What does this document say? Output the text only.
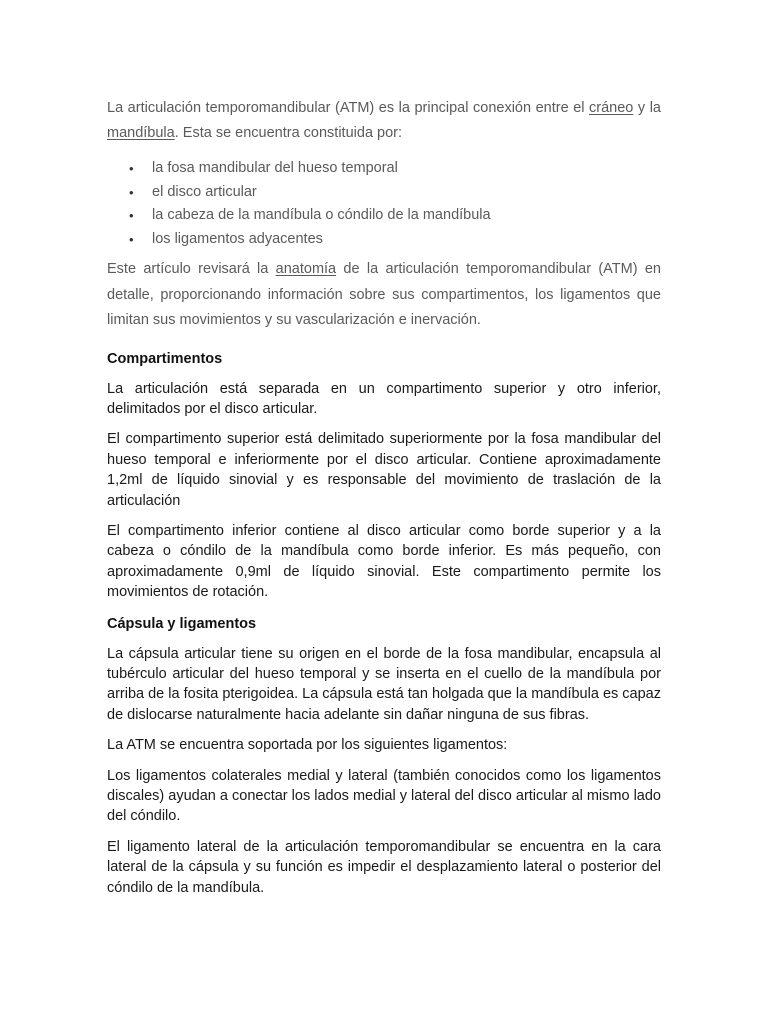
La articulación temporomandibular (ATM) es la principal conexión entre el cráneo y la mandíbula. Esta se encuentra constituida por:

• la fosa mandibular del hueso temporal
• el disco articular
• la cabeza de la mandíbula o cóndilo de la mandíbula
• los ligamentos adyacentes

Este artículo revisará la anatomía de la articulación temporomandibular (ATM) en detalle, proporcionando información sobre sus compartimentos, los ligamentos que limitan sus movimientos y su vascularización e inervación.

Compartimentos

La articulación está separada en un compartimento superior y otro inferior, delimitados por el disco articular.

El compartimento superior está delimitado superiormente por la fosa mandibular del hueso temporal e inferiormente por el disco articular. Contiene aproximadamente 1,2ml de líquido sinovial y es responsable del movimiento de traslación de la articulación

El compartimento inferior contiene al disco articular como borde superior y a la cabeza o cóndilo de la mandíbula como borde inferior. Es más pequeño, con aproximadamente 0,9ml de líquido sinovial. Este compartimento permite los movimientos de rotación.

Cápsula y ligamentos

La cápsula articular tiene su origen en el borde de la fosa mandibular, encapsula al tubérculo articular del hueso temporal y se inserta en el cuello de la mandíbula por arriba de la fosita pterigoidea. La cápsula está tan holgada que la mandíbula es capaz de dislocarse naturalmente hacia adelante sin dañar ninguna de sus fibras.

La ATM se encuentra soportada por los siguientes ligamentos:

Los ligamentos colaterales medial y lateral (también conocidos como los ligamentos discales) ayudan a conectar los lados medial y lateral del disco articular al mismo lado del cóndilo.

El ligamento lateral de la articulación temporomandibular se encuentra en la cara lateral de la cápsula y su función es impedir el desplazamiento lateral o posterior del cóndilo de la mandíbula.
